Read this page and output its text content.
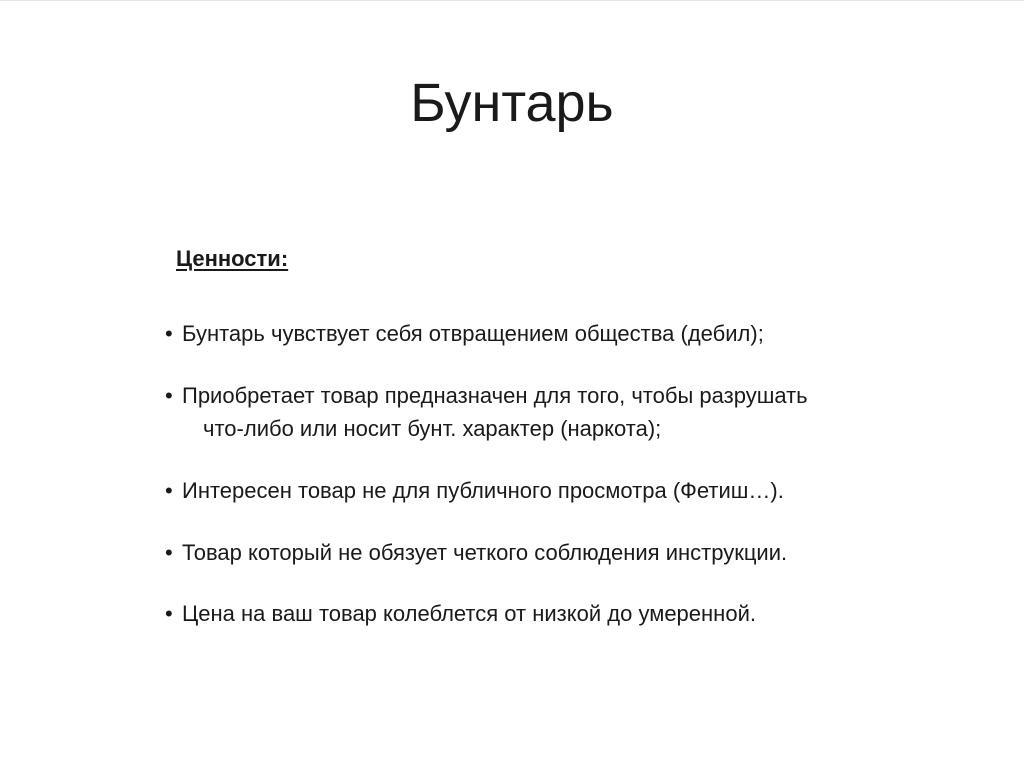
Бунтарь
Ценности:
• Бунтарь чувствует себя отвращением общества (дебил);
• Приобретает товар предназначен для того, чтобы разрушать
что-либо или носит бунт. характер (наркота);
• Интересен товар не для публичного просмотра (Фетиш…).
• Товар который не обязует четкого соблюдения инструкции.
• Цена на ваш товар колеблется от низкой до умеренной.
